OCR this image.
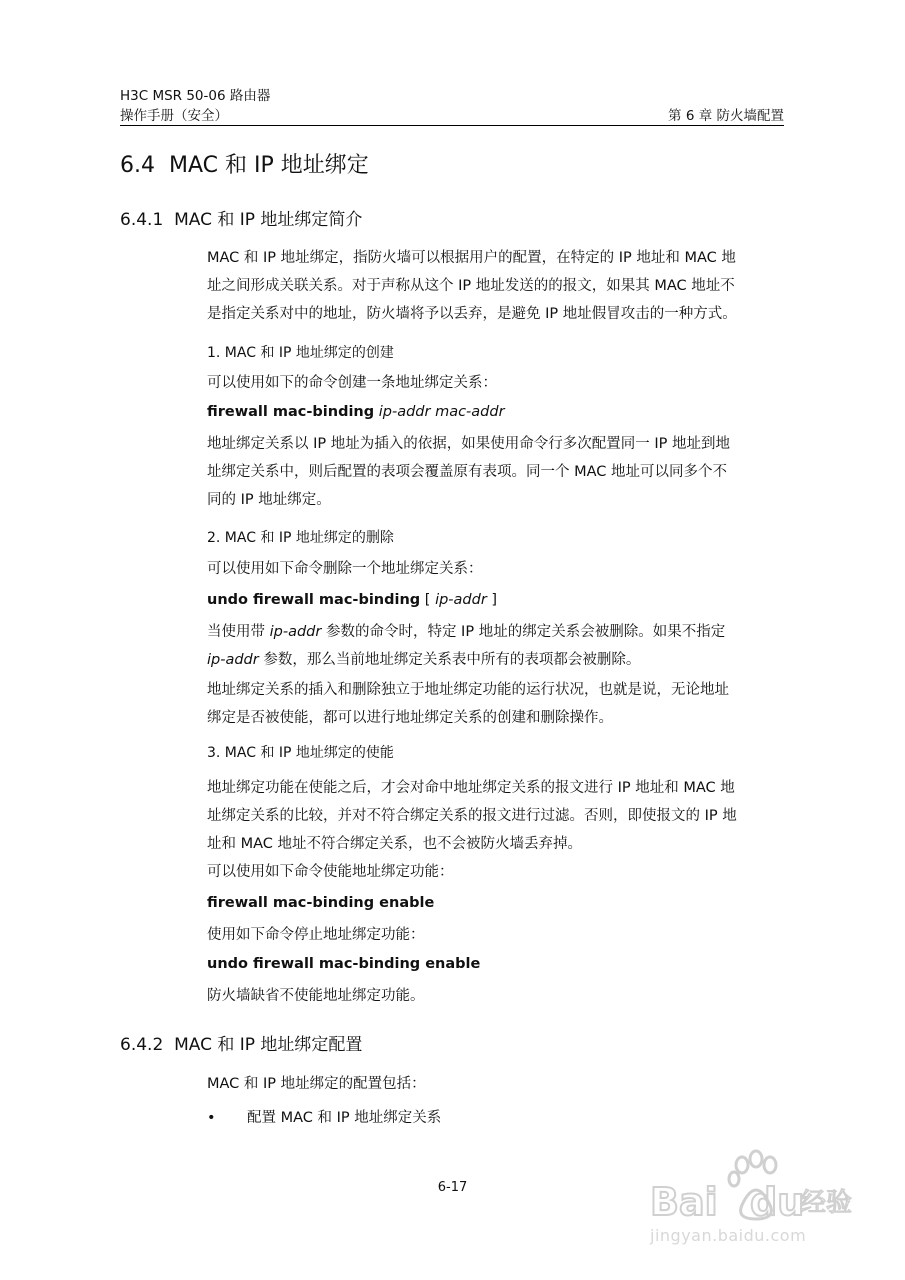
H3C MSR 50-06 路由器
操作手册（安全）	第 6 章 防火墙配置
6.4 MAC 和 IP 地址绑定
6.4.1 MAC 和 IP 地址绑定简介
MAC 和 IP 地址绑定，指防火墙可以根据用户的配置，在特定的 IP 地址和 MAC 地
址之间形成关联关系。对于声称从这个 IP 地址发送的的报文，如果其 MAC 地址不
是指定关系对中的地址，防火墙将予以丢弃，是避免 IP 地址假冒攻击的一种方式。
1. MAC 和 IP 地址绑定的创建
可以使用如下的命令创建一条地址绑定关系：
firewall mac-binding ip-addr mac-addr
地址绑定关系以 IP 地址为插入的依据，如果使用命令行多次配置同一 IP 地址到地
址绑定关系中，则后配置的表项会覆盖原有表项。同一个 MAC 地址可以同多个不
同的 IP 地址绑定。
2. MAC 和 IP 地址绑定的删除
可以使用如下命令删除一个地址绑定关系：
undo firewall mac-binding [ ip-addr ]
当使用带 ip-addr 参数的命令时，特定 IP 地址的绑定关系会被删除。如果不指定
ip-addr 参数，那么当前地址绑定关系表中所有的表项都会被删除。
地址绑定关系的插入和删除独立于地址绑定功能的运行状况，也就是说，无论地址
绑定是否被使能，都可以进行地址绑定关系的创建和删除操作。
3. MAC 和 IP 地址绑定的使能
地址绑定功能在使能之后，才会对命中地址绑定关系的报文进行 IP 地址和 MAC 地
址绑定关系的比较，并对不符合绑定关系的报文进行过滤。否则，即使报文的 IP 地
址和 MAC 地址不符合绑定关系，也不会被防火墙丢弃掉。
可以使用如下命令使能地址绑定功能：
firewall mac-binding enable
使用如下命令停止地址绑定功能：
undo firewall mac-binding enable
防火墙缺省不使能地址绑定功能。
6.4.2 MAC 和 IP 地址绑定配置
MAC 和 IP 地址绑定的配置包括：
• 配置 MAC 和 IP 地址绑定关系
6-17	Bai du
经验
jingyan.baidu.com
